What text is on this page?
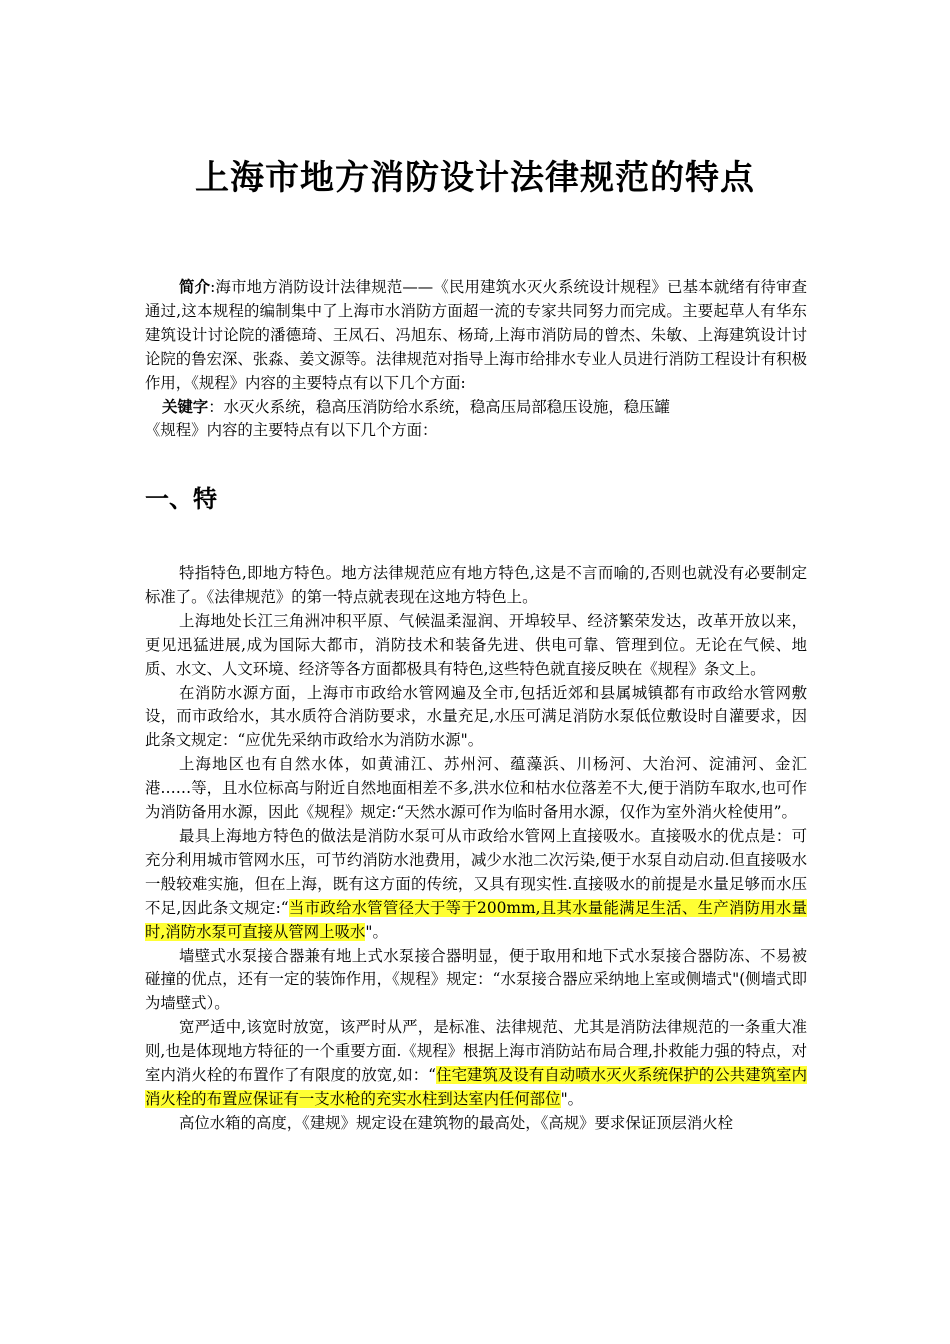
上海市地方消防设计法律规范的特点

简介:海市地方消防设计法律规范——《民用建筑水灭火系统设计规程》已基本就绪有待审查通过,这本规程的编制集中了上海市水消防方面超一流的专家共同努力而完成。主要起草人有华东建筑设计讨论院的潘德琦、王凤石、冯旭东、杨琦,上海市消防局的曾杰、朱敏、上海建筑设计讨论院的鲁宏深、张淼、姜文源等。法律规范对指导上海市给排水专业人员进行消防工程设计有积极作用，《规程》内容的主要特点有以下几个方面:

关键字：水灭火系统，稳高压消防给水系统，稳高压局部稳压设施，稳压罐

《规程》内容的主要特点有以下几个方面：

一、特

特指特色,即地方特色。地方法律规范应有地方特色,这是不言而喻的,否则也就没有必要制定标准了。《法律规范》的第一特点就表现在这地方特色上。

上海地处长江三角洲冲积平原、气候温柔湿润、开埠较早、经济繁荣发达，改革开放以来，更见迅猛进展,成为国际大都市，消防技术和装备先进、供电可靠、管理到位。无论在气候、地质、水文、人文环境、经济等各方面都极具有特色,这些特色就直接反映在《规程》条文上。

在消防水源方面，上海市市政给水管网遍及全市,包括近郊和县属城镇都有市政给水管网敷设，而市政给水，其水质符合消防要求，水量充足,水压可满足消防水泵低位敷设时自灌要求，因此条文规定：“应优先采纳市政给水为消防水源"。

上海地区也有自然水体，如黄浦江、苏州河、蕴藻浜、川杨河、大治河、淀浦河、金汇港……等，且水位标高与附近自然地面相差不多,洪水位和枯水位落差不大,便于消防车取水,也可作为消防备用水源，因此《规程》规定:“天然水源可作为临时备用水源，仅作为室外消火栓使用”。

最具上海地方特色的做法是消防水泵可从市政给水管网上直接吸水。直接吸水的优点是：可充分利用城市管网水压，可节约消防水池费用，减少水池二次污染,便于水泵自动启动.但直接吸水一般较难实施，但在上海，既有这方面的传统，又具有现实性.直接吸水的前提是水量足够而水压不足,因此条文规定:“当市政给水管管径大于等于200mm,且其水量能满足生活、生产消防用水量时,消防水泵可直接从管网上吸水"。

墙壁式水泵接合器兼有地上式水泵接合器明显，便于取用和地下式水泵接合器防冻、不易被碰撞的优点，还有一定的装饰作用，《规程》规定：“水泵接合器应采纳地上室或侧墙式"(侧墙式即为墙壁式）。

宽严适中,该宽时放宽，该严时从严，是标准、法律规范、尤其是消防法律规范的一条重大准则,也是体现地方特征的一个重要方面.《规程》根据上海市消防站布局合理,扑救能力强的特点，对室内消火栓的布置作了有限度的放宽,如：“住宅建筑及设有自动喷水灭火系统保护的公共建筑室内消火栓的布置应保证有一支水枪的充实水柱到达室内任何部位"。

高位水箱的高度，《建规》规定设在建筑物的最高处，《高规》要求保证顶层消火栓
